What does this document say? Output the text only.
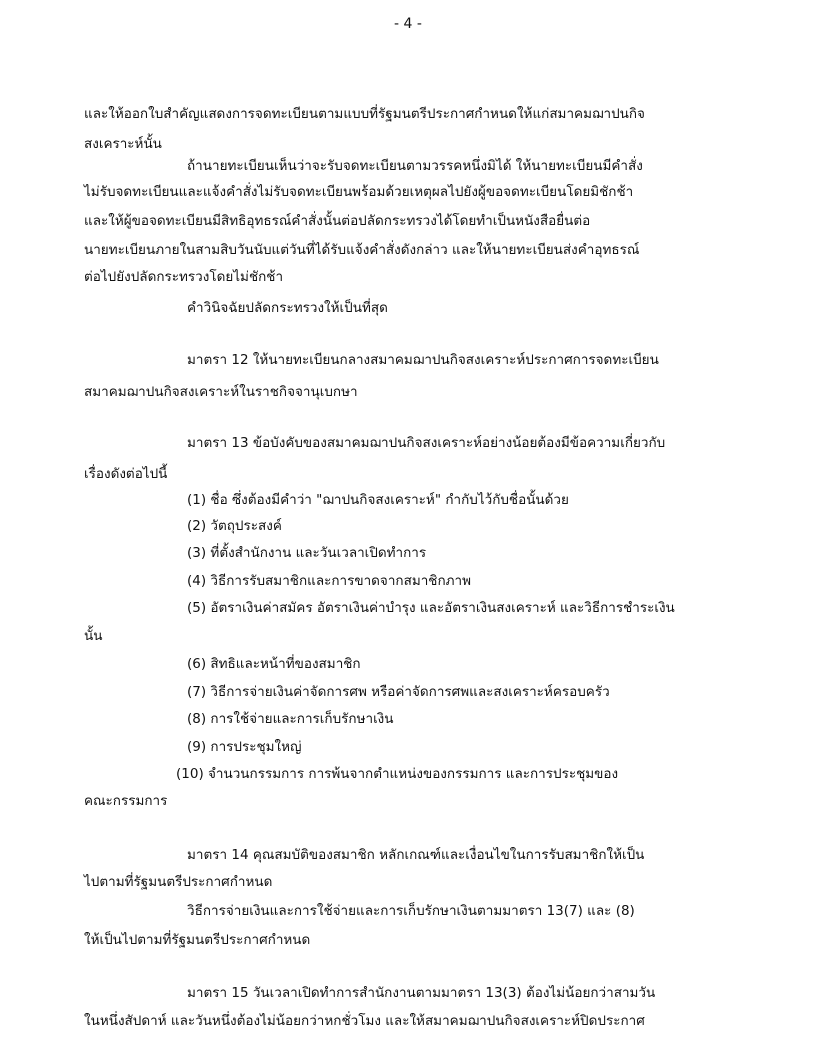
- 4 -
และให้ออกใบสำคัญแสดงการจดทะเบียนตามแบบที่รัฐมนตรีประกาศกำหนดให้แก่สมาคมฌาปนกิจ
สงเคราะห์นั้น
ถ้านายทะเบียนเห็นว่าจะรับจดทะเบียนตามวรรคหนึ่งมิได้ ให้นายทะเบียนมีคำสั่ง
ไม่รับจดทะเบียนและแจ้งคำสั่งไม่รับจดทะเบียนพร้อมด้วยเหตุผลไปยังผู้ขอจดทะเบียนโดยมิชักช้า
และให้ผู้ขอจดทะเบียนมีสิทธิอุทธรณ์คำสั่งนั้นต่อปลัดกระทรวงได้โดยทำเป็นหนังสือยื่นต่อ
นายทะเบียนภายในสามสิบวันนับแต่วันที่ได้รับแจ้งคำสั่งดังกล่าว และให้นายทะเบียนส่งคำอุทธรณ์
ต่อไปยังปลัดกระทรวงโดยไม่ชักช้า
คำวินิจฉัยปลัดกระทรวงให้เป็นที่สุด
มาตรา 12 ให้นายทะเบียนกลางสมาคมฌาปนกิจสงเคราะห์ประกาศการจดทะเบียน
สมาคมฌาปนกิจสงเคราะห์ในราชกิจจานุเบกษา
มาตรา 13 ข้อบังคับของสมาคมฌาปนกิจสงเคราะห์อย่างน้อยต้องมีข้อความเกี่ยวกับ
เรื่องดังต่อไปนี้
(1) ชื่อ ซึ่งต้องมีคำว่า "ฌาปนกิจสงเคราะห์" กำกับไว้กับชื่อนั้นด้วย
(2) วัตถุประสงค์
(3) ที่ตั้งสำนักงาน และวันเวลาเปิดทำการ
(4) วิธีการรับสมาชิกและการขาดจากสมาชิกภาพ
(5) อัตราเงินค่าสมัคร อัตราเงินค่าบำรุง และอัตราเงินสงเคราะห์ และวิธีการชำระเงิน
นั้น
(6) สิทธิและหน้าที่ของสมาชิก
(7) วิธีการจ่ายเงินค่าจัดการศพ หรือค่าจัดการศพและสงเคราะห์ครอบครัว
(8) การใช้จ่ายและการเก็บรักษาเงิน
(9) การประชุมใหญ่
(10) จำนวนกรรมการ การพ้นจากตำแหน่งของกรรมการ และการประชุมของ
คณะกรรมการ
มาตรา 14 คุณสมบัติของสมาชิก หลักเกณฑ์และเงื่อนไขในการรับสมาชิกให้เป็น
ไปตามที่รัฐมนตรีประกาศกำหนด
วิธีการจ่ายเงินและการใช้จ่ายและการเก็บรักษาเงินตามมาตรา 13(7) และ (8)
ให้เป็นไปตามที่รัฐมนตรีประกาศกำหนด
มาตรา 15 วันเวลาเปิดทำการสำนักงานตามมาตรา 13(3) ต้องไม่น้อยกว่าสามวัน
ในหนึ่งสัปดาห์ และวันหนึ่งต้องไม่น้อยกว่าหกชั่วโมง และให้สมาคมฌาปนกิจสงเคราะห์ปิดประกาศ
